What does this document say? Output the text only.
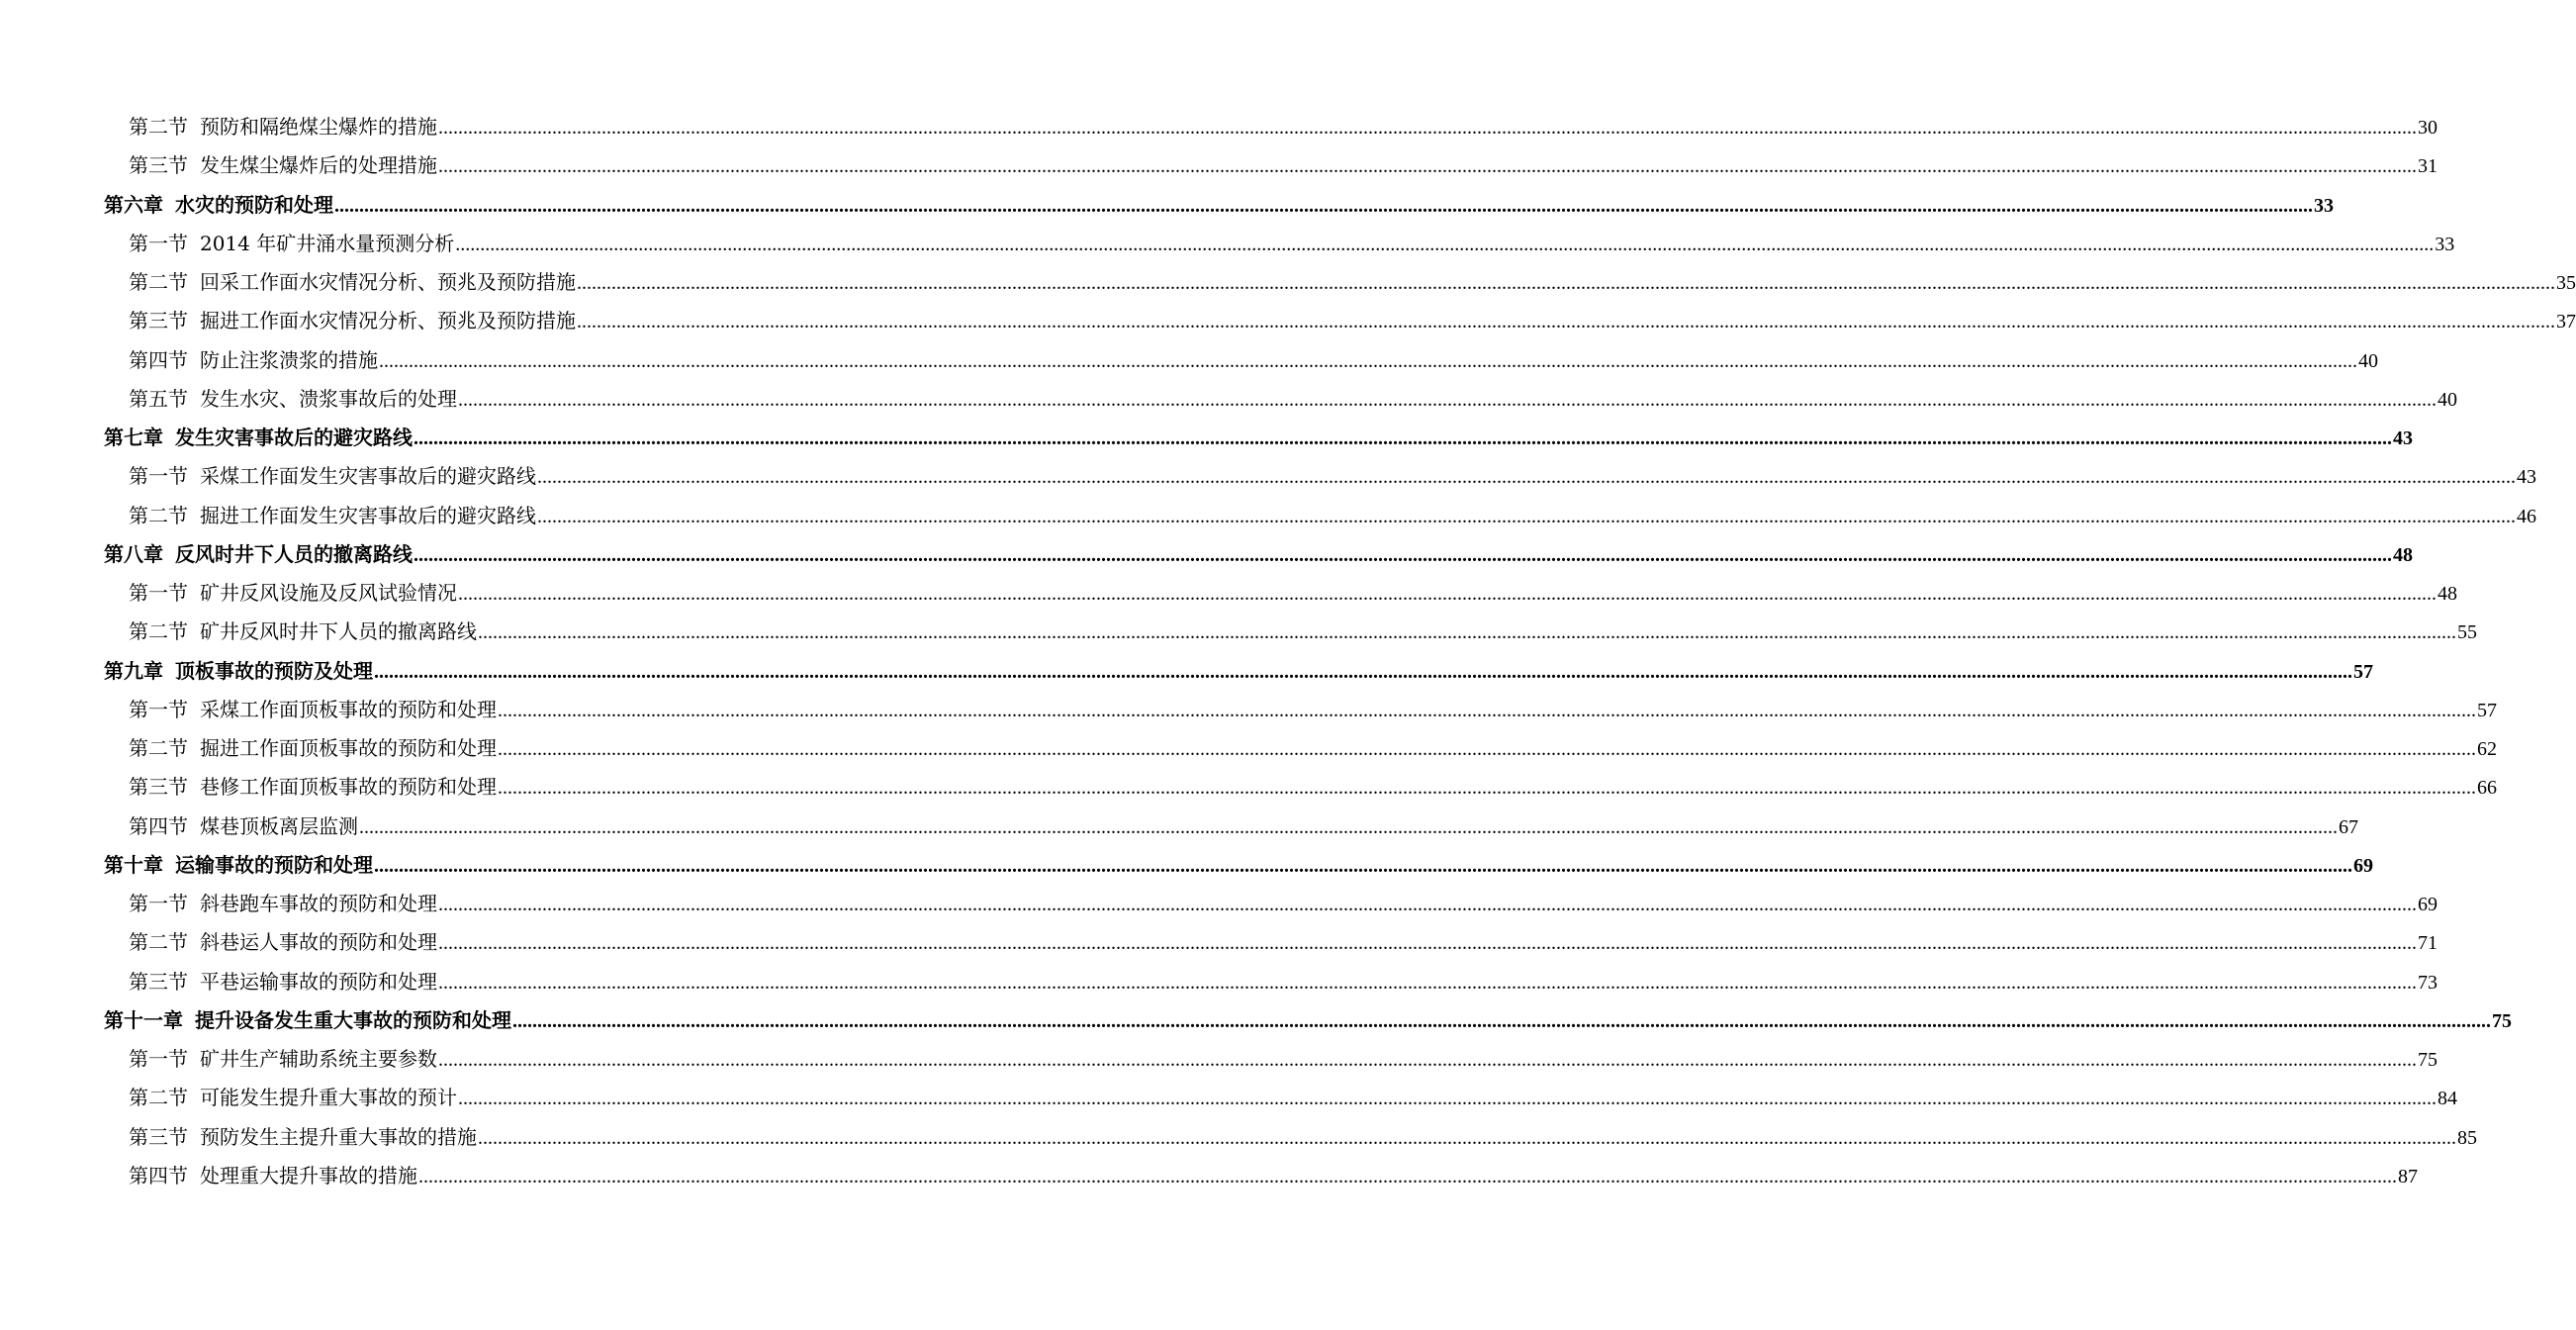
第二节 预防和隔绝煤尘爆炸的措施 ................................................................................................................................................................................................................................................................................................................................................................................................................ 30
第三节 发生煤尘爆炸后的处理措施 ................................................................................................................................................................................................................................................................................................................................................................................................................ 31
第六章 水灾的预防和处理 ................................................................................................................................................................................................................................................................................................................................................................................................................ 33
第一节 2014 年矿井涌水量预测分析 ................................................................................................................................................................................................................................................................................................................................................................................................................ 33
第二节 回采工作面水灾情况分析、预兆及预防措施 ................................................................................................................................................................................................................................................................................................................................................................................................................ 35
第三节 掘进工作面水灾情况分析、预兆及预防措施 ................................................................................................................................................................................................................................................................................................................................................................................................................ 37
第四节 防止注浆溃浆的措施 ................................................................................................................................................................................................................................................................................................................................................................................................................ 40
第五节 发生水灾、溃浆事故后的处理 ................................................................................................................................................................................................................................................................................................................................................................................................................ 40
第七章 发生灾害事故后的避灾路线 ................................................................................................................................................................................................................................................................................................................................................................................................................ 43
第一节 采煤工作面发生灾害事故后的避灾路线 ................................................................................................................................................................................................................................................................................................................................................................................................................ 43
第二节 掘进工作面发生灾害事故后的避灾路线 ................................................................................................................................................................................................................................................................................................................................................................................................................ 46
第八章 反风时井下人员的撤离路线 ................................................................................................................................................................................................................................................................................................................................................................................................................ 48
第一节 矿井反风设施及反风试验情况 ................................................................................................................................................................................................................................................................................................................................................................................................................ 48
第二节 矿井反风时井下人员的撤离路线 ................................................................................................................................................................................................................................................................................................................................................................................................................ 55
第九章 顶板事故的预防及处理 ................................................................................................................................................................................................................................................................................................................................................................................................................ 57
第一节 采煤工作面顶板事故的预防和处理 ................................................................................................................................................................................................................................................................................................................................................................................................................ 57
第二节 掘进工作面顶板事故的预防和处理 ................................................................................................................................................................................................................................................................................................................................................................................................................ 62
第三节 巷修工作面顶板事故的预防和处理 ................................................................................................................................................................................................................................................................................................................................................................................................................ 66
第四节 煤巷顶板离层监测 ................................................................................................................................................................................................................................................................................................................................................................................................................ 67
第十章 运输事故的预防和处理 ................................................................................................................................................................................................................................................................................................................................................................................................................ 69
第一节 斜巷跑车事故的预防和处理 ................................................................................................................................................................................................................................................................................................................................................................................................................ 69
第二节 斜巷运人事故的预防和处理 ................................................................................................................................................................................................................................................................................................................................................................................................................ 71
第三节 平巷运输事故的预防和处理 ................................................................................................................................................................................................................................................................................................................................................................................................................ 73
第十一章 提升设备发生重大事故的预防和处理 ................................................................................................................................................................................................................................................................................................................................................................................................................ 75
第一节 矿井生产辅助系统主要参数 ................................................................................................................................................................................................................................................................................................................................................................................................................ 75
第二节 可能发生提升重大事故的预计 ................................................................................................................................................................................................................................................................................................................................................................................................................ 84
第三节 预防发生主提升重大事故的措施 ................................................................................................................................................................................................................................................................................................................................................................................................................ 85
第四节 处理重大提升事故的措施 ................................................................................................................................................................................................................................................................................................................................................................................................................ 87
